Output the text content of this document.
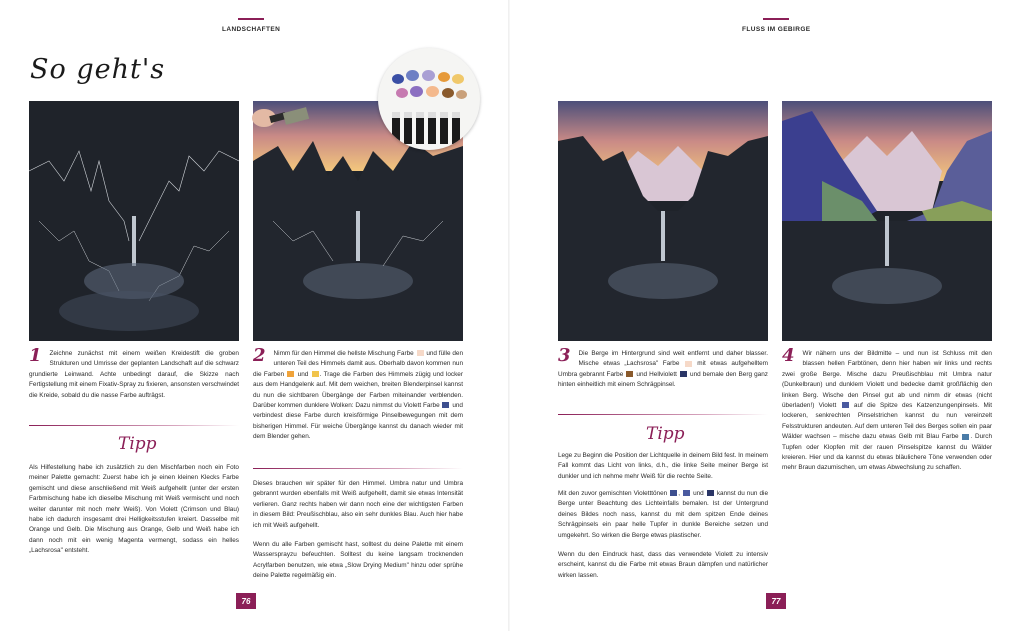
LANDSCHAFTEN
So geht's
1 Zeichne zunächst mit einem weißen Kreidestift die groben Strukturen und Umrisse der geplanten Landschaft auf die schwarz grundierte Leinwand. Achte unbedingt darauf, die Skizze nach Fertigstellung mit einem Fixativ-Spray zu fixieren, ansonsten verschwindet die Kreide, sobald du die nasse Farbe aufträgst.
2 Nimm für den Himmel die hellste Mischung Farbe und fülle den unteren Teil des Himmels damit aus. Oberhalb davon kommen nun die Farben und . Trage die Farben des Himmels zügig und locker aus dem Handgelenk auf. Mit dem weichen, breiten Blenderpinsel kannst du nun die sichtbaren Übergänge der Farben miteinander verblenden. Darüber kommen dunklere Wolken: Dazu nimmst du Violett Farbe und verbindest diese Farbe durch kreisförmige Pinselbewegungen mit dem bisherigen Himmel. Für weiche Übergänge kannst du danach wieder mit dem Blender gehen.
Tipp
Als Hilfestellung habe ich zusätzlich zu den Mischfarben noch ein Foto meiner Palette gemacht: Zuerst habe ich je einen kleinen Klecks Farbe gemischt und diese anschließend mit Weiß aufgehellt (unter der ersten Farbmischung habe ich dieselbe Mischung mit Weiß vermischt und noch weiter darunter mit noch mehr Weiß). Von Violett (Crimson und Blau) habe ich dadurch insgesamt drei Helligkeitsstufen kreiert. Dasselbe mit Orange und Gelb. Die Mischung aus Orange, Gelb und Weiß habe ich dann noch mit ein wenig Magenta vermengt, sodass ein helles „Lachsrosa" entsteht.
Dieses brauchen wir später für den Himmel. Umbra natur und Umbra gebrannt wurden ebenfalls mit Weiß aufgehellt, damit sie etwas Intensität verlieren. Ganz rechts haben wir dann noch eine der wichtigsten Farben in diesem Bild: Preußischblau, also ein sehr dunkles Blau. Auch hier habe ich mit Weiß aufgehellt.
Wenn du alle Farben gemischt hast, solltest du deine Palette mit einem Wassersprayzu befeuchten. Solltest du keine langsam trocknenden Acrylfarben benutzen, wie etwa „Slow Drying Medium" hinzu oder sprühe deine Palette regelmäßig ein.
76
FLUSS IM GEBIRGE
3 Die Berge im Hintergrund sind weit entfernt und daher blasser. Mische etwas „Lachsrosa" Farbe	mit etwas aufgehelltem Umbra gebrannt Farbe und Hellviolett und bemale den Berg ganz hinten einheitlich mit einem Schrägpinsel.
Tipp
Lege zu Beginn die Position der Lichtquelle in deinem Bild fest. In meinem Fall kommt das Licht von links, d.h., die linke Seite meiner Berge ist dunkler und ich nehme mehr Weiß für die rechte Seite.
Mit den zuvor gemischten Violetttönen ,  und kannst du nun die Berge unter Beachtung des Lichteinfalls bemalen. Ist der Untergrund deines Bildes noch nass, kannst du mit dem spitzen Ende deines Schrägpinsels ein paar helle Tupfer in dunkle Bereiche setzen und umgekehrt. So wirken die Berge etwas plastischer.
Wenn du den Eindruck hast, dass das verwendete Violett zu intensiv erscheint, kannst du die Farbe mit etwas Braun dämpfen und natürlicher wirken lassen.
4 Wir nähern uns der Bildmitte – und nun ist Schluss mit den blassen hellen Farbtönen, denn hier haben wir links und rechts zwei große Berge. Mische dazu Preußischblau mit Umbra natur (Dunkelbraun) und dunklem Violett und bedecke damit großflächig den linken Berg. Wische den Pinsel gut ab und nimm dir etwas (nicht überladen!) Violett	auf die Spitze des Katzenzungenpinsels. Mit lockeren, senkrechten Pinselstrichen kannst du nun vereinzelt Felsstrukturen andeuten. Auf dem unteren Teil des Berges sollen ein paar Wälder wachsen – mische dazu etwas Gelb mit Blau Farbe . Durch Tupfen oder Klopfen mit der rauen Pinselspitze kannst du Wälder kreieren. Hier und da kannst du etwas bläulichere Töne verwenden oder mehr Braun dazumischen, um etwas Abwechslung zu schaffen.
77
